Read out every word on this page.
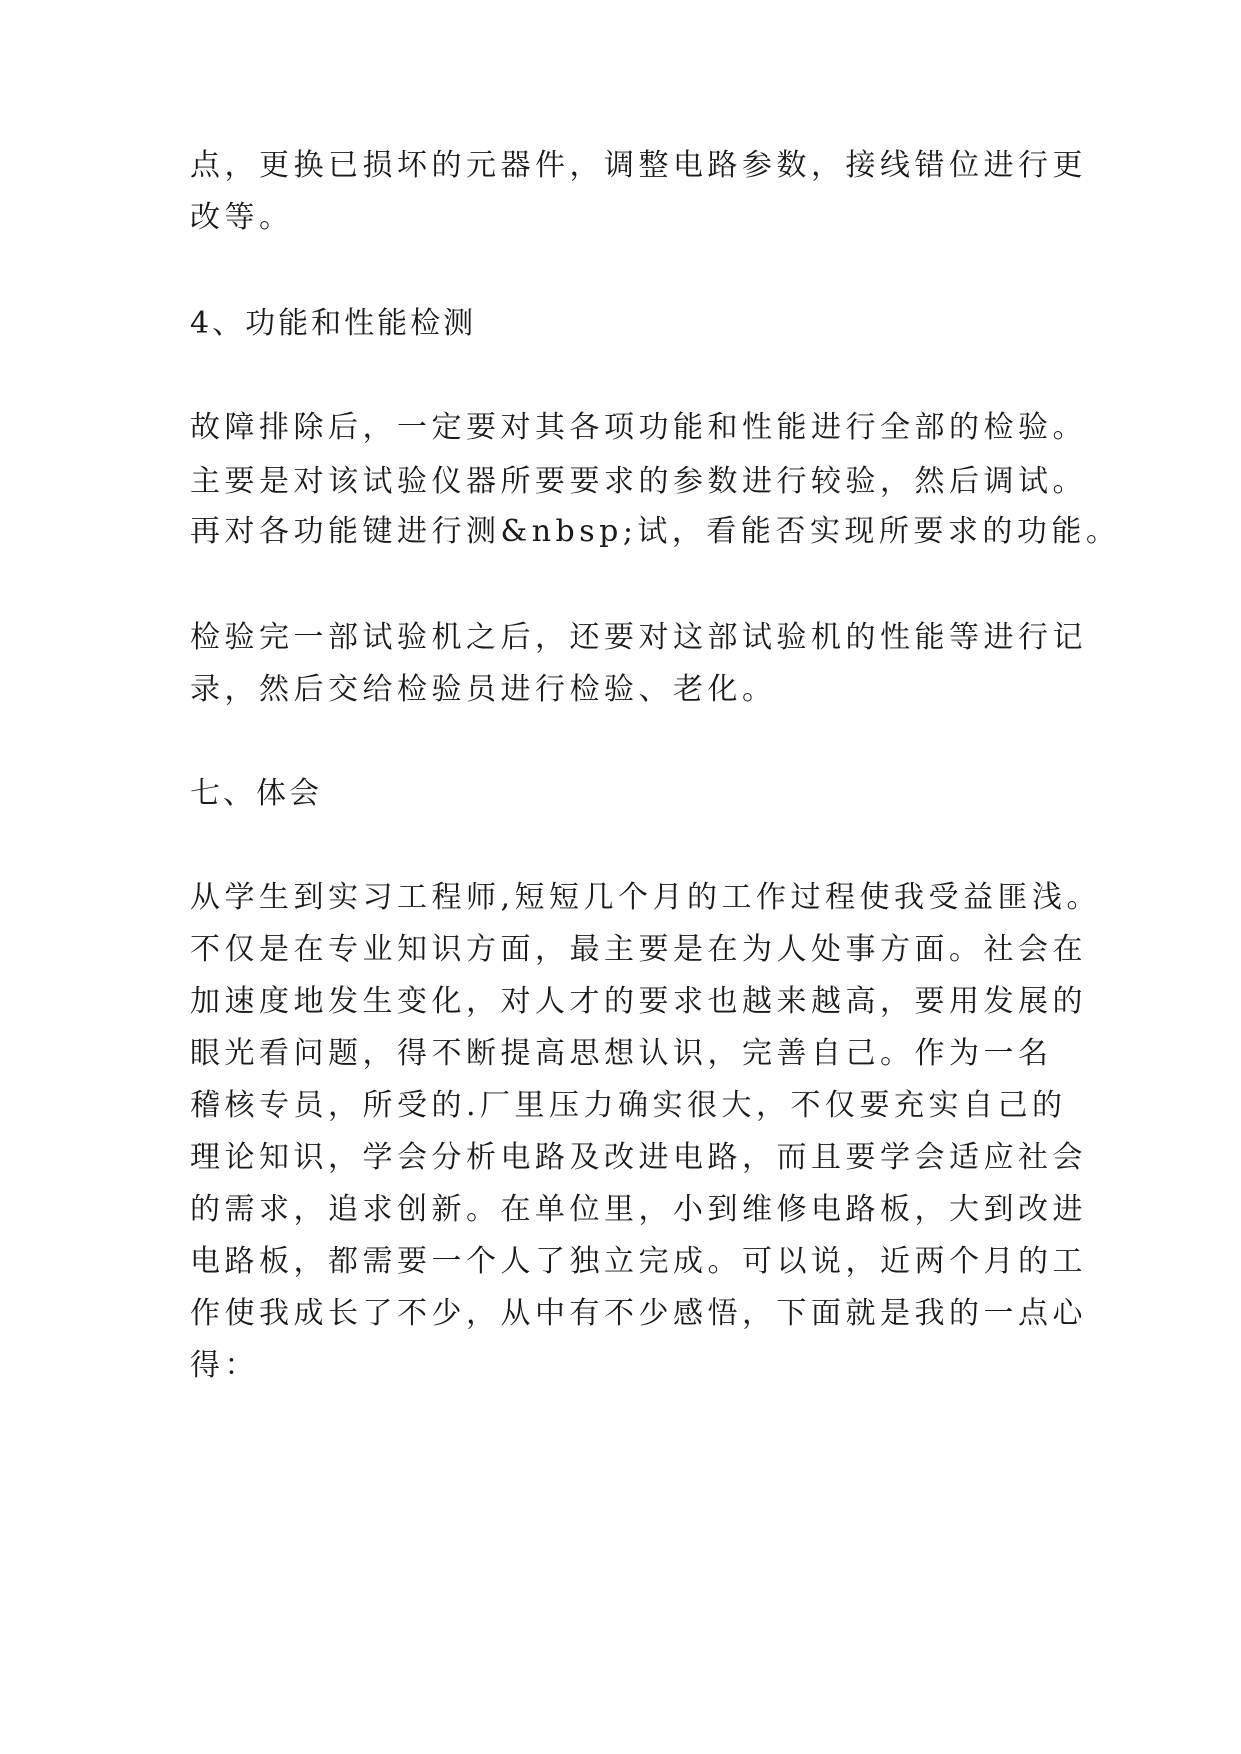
点，更换已损坏的元器件，调整电路参数，接线错位进行更
改等。
4、功能和性能检测
故障排除后，一定要对其各项功能和性能进行全部的检验。
主要是对该试验仪器所要要求的参数进行较验，然后调试。
再对各功能键进行测&nbsp;试，看能否实现所要求的功能。
检验完一部试验机之后，还要对这部试验机的性能等进行记
录，然后交给检验员进行检验、老化。
七、体会
从学生到实习工程师,短短几个月的工作过程使我受益匪浅。
不仅是在专业知识方面，最主要是在为人处事方面。社会在
加速度地发生变化，对人才的要求也越来越高，要用发展的
眼光看问题，得不断提高思想认识，完善自己。作为一名
稽核专员，所受的.厂里压力确实很大，不仅要充实自己的
理论知识，学会分析电路及改进电路，而且要学会适应社会
的需求，追求创新。在单位里，小到维修电路板，大到改进
电路板，都需要一个人了独立完成。可以说，近两个月的工
作使我成长了不少，从中有不少感悟，下面就是我的一点心
得：
